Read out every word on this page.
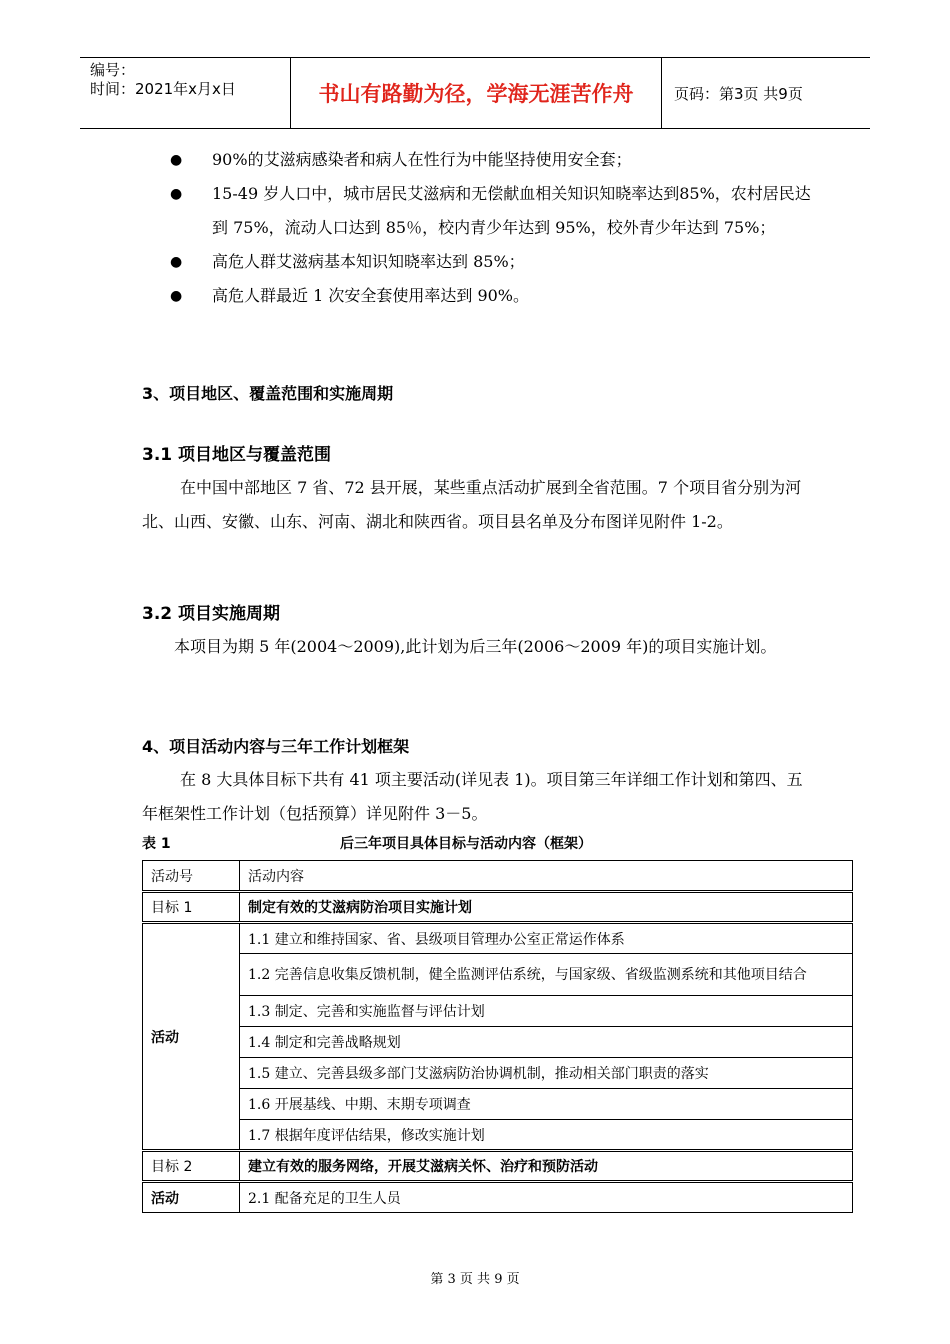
编号：
时间：2021年x月x日	书山有路勤为径，学海无涯苦作舟	页码：第3页 共9页
●	90%的艾滋病感染者和病人在性行为中能坚持使用安全套；
●	15-49 岁人口中，城市居民艾滋病和无偿献血相关知识知晓率达到85%，农村居民达到 75%，流动人口达到 85％，校内青少年达到 95%，校外青少年达到 75%；
●	高危人群艾滋病基本知识知晓率达到 85%；
●	高危人群最近 1 次安全套使用率达到 90%。
3、项目地区、覆盖范围和实施周期
3.1 项目地区与覆盖范围
在中国中部地区 7 省、72 县开展，某些重点活动扩展到全省范围。7 个项目省分别为河北、山西、安徽、山东、河南、湖北和陕西省。项目县名单及分布图详见附件 1-2。
3.2 项目实施周期
本项目为期 5 年(2004～2009),此计划为后三年(2006～2009 年)的项目实施计划。
4、项目活动内容与三年工作计划框架
在 8 大具体目标下共有 41 项主要活动(详见表 1)。项目第三年详细工作计划和第四、五年框架性工作计划（包括预算）详见附件 3－5。
表 1	后三年项目具体目标与活动内容（框架）
活动号	活动内容
目标 1	制定有效的艾滋病防治项目实施计划
活动	1.1 建立和维持国家、省、县级项目管理办公室正常运作体系
	1.2 完善信息收集反馈机制，健全监测评估系统，与国家级、省级监测系统和其他项目结合
	1.3 制定、完善和实施监督与评估计划
	1.4 制定和完善战略规划
	1.5 建立、完善县级多部门艾滋病防治协调机制，推动相关部门职责的落实
	1.6 开展基线、中期、末期专项调查
	1.7 根据年度评估结果，修改实施计划
目标 2	建立有效的服务网络，开展艾滋病关怀、治疗和预防活动
活动	2.1 配备充足的卫生人员
第 3 页 共 9 页
